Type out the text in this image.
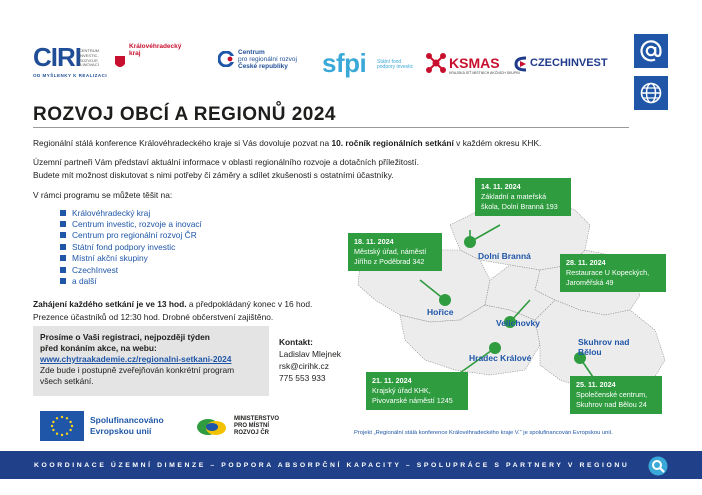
CIRI
CENTRUM
INVESTIC, ROZVOJE
A INOVACÍ
OD MYŠLENKY K REALIZACI
Královéhradecký
kraj	Centrum
pro regionální rozvoj
České republiky	sfpi Státní fond
podpory investic	KSMAS
KRAJSKÁ SÍŤ MÍSTNÍCH AKČNÍCH SKUPIN
CZECHINVEST
ROZVOJ OBCÍ A REGIONŮ 2024
Regionální stálá konference Královéhradeckého kraje si Vás dovoluje pozvat na 10. ročník regionálních setkání v každém okresu KHK.
Územní partneři Vám představí aktuální informace v oblasti regionálního rozvoje a dotačních příležitostí.
Budete mít možnost diskutovat s nimi potřeby či záměry a sdílet zkušenosti s ostatními účastníky.
V rámci programu se můžete těšit na:
Královéhradecký kraj
Centrum investic, rozvoje a inovací
Centrum pro regionální rozvoj ČR
Státní fond podpory investic
Místní akční skupiny
CzechInvest
a další
Zahájení každého setkání je ve 13 hod. a předpokládaný konec v 16 hod.
Prezence účastníků od 12:30 hod. Drobné občerstvení zajištěno.
Prosíme o Vaši registraci, nejpozději týden
před konáním akce, na webu:
www.chytraakademie.cz/regionalni-setkani-2024
Zde bude i postupně zveřejňován konkrétní program
všech setkání.
Kontakt:
Ladislav Mlejnek
rsk@cirihk.cz
775 553 933
Dolní Branná
Hořice
Velichovky
Hradec Králové
Skuhrov nad
Bělou
14. 11. 2024
Základní a mateřská
škola, Dolní Branná 193
18. 11. 2024
Městský úřad, náměstí
Jiřího z Poděbrad 342	28. 11. 2024
Restaurace U Kopeckých,
Jaroměřská 49
21. 11. 2024
Krajský úřad KHK,
Pivovarské náměstí 1245
25. 11. 2024
Společenské centrum,
Skuhrov nad Bělou 24
Spolufinancováno
Evropskou unií
MINISTERSTVO
PRO MÍSTNÍ
ROZVOJ ČR	Projekt „Regionální stálá konference Královéhradeckého kraje V.“ je spolufinancován Evropskou unií.
KOORDINACE ÚZEMNÍ DIMENZE – PODPORA ABSORPČNÍ KAPACITY – SPOLUPRÁCE S PARTNERY V REGIONU
